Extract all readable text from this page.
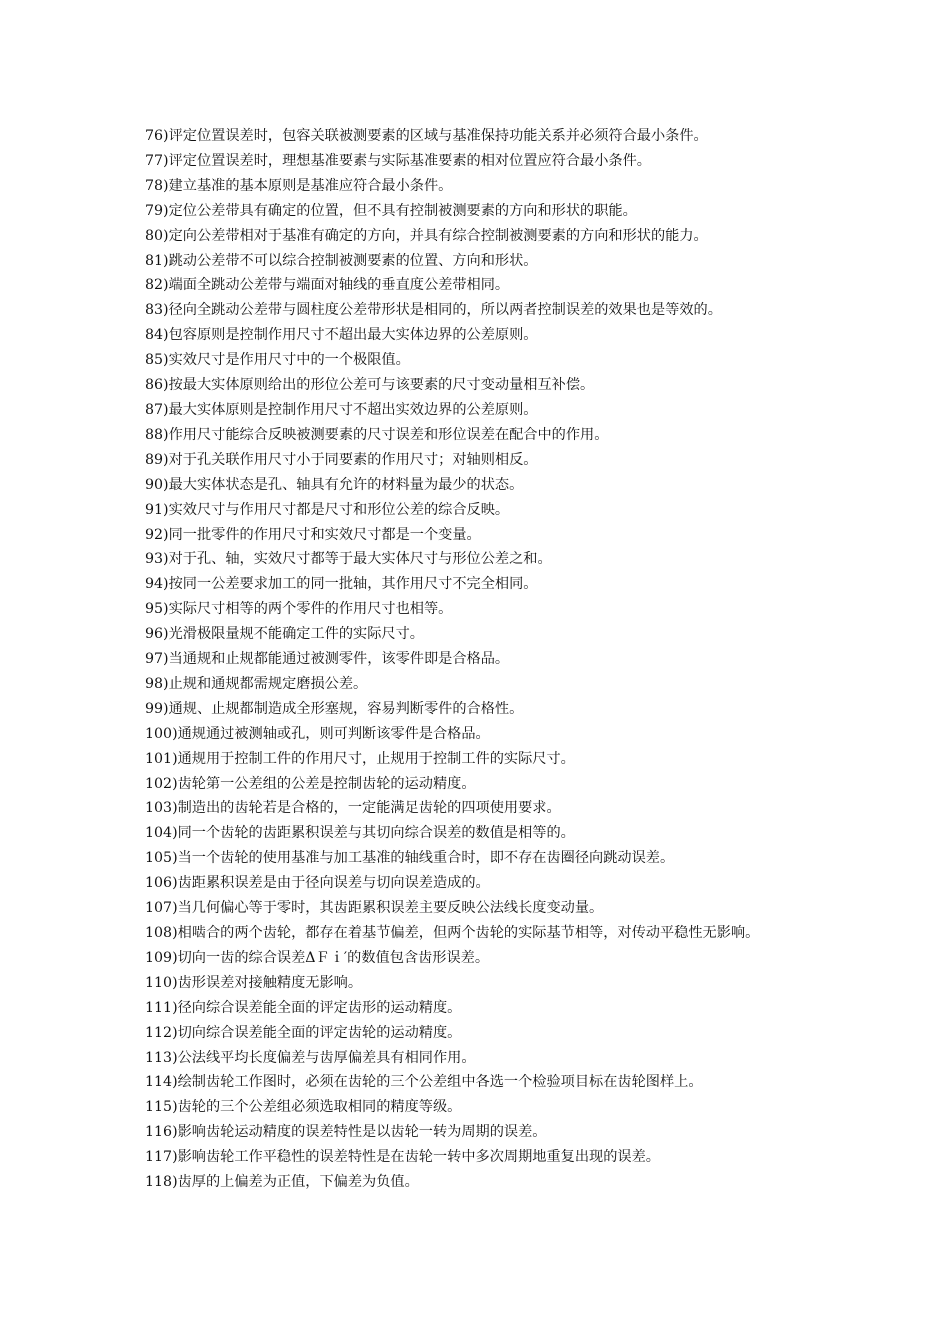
76)评定位置误差时，包容关联被测要素的区域与基准保持功能关系并必须符合最小条件。
77)评定位置误差时，理想基准要素与实际基准要素的相对位置应符合最小条件。
78)建立基准的基本原则是基准应符合最小条件。
79)定位公差带具有确定的位置，但不具有控制被测要素的方向和形状的职能。
80)定向公差带相对于基准有确定的方向，并具有综合控制被测要素的方向和形状的能力。
81)跳动公差带不可以综合控制被测要素的位置、方向和形状。
82)端面全跳动公差带与端面对轴线的垂直度公差带相同。
83)径向全跳动公差带与圆柱度公差带形状是相同的，所以两者控制误差的效果也是等效的。
84)包容原则是控制作用尺寸不超出最大实体边界的公差原则。
85)实效尺寸是作用尺寸中的一个极限值。
86)按最大实体原则给出的形位公差可与该要素的尺寸变动量相互补偿。
87)最大实体原则是控制作用尺寸不超出实效边界的公差原则。
88)作用尺寸能综合反映被测要素的尺寸误差和形位误差在配合中的作用。
89)对于孔关联作用尺寸小于同要素的作用尺寸；对轴则相反。
90)最大实体状态是孔、轴具有允许的材料量为最少的状态。
91)实效尺寸与作用尺寸都是尺寸和形位公差的综合反映。
92)同一批零件的作用尺寸和实效尺寸都是一个变量。
93)对于孔、轴，实效尺寸都等于最大实体尺寸与形位公差之和。
94)按同一公差要求加工的同一批轴，其作用尺寸不完全相同。
95)实际尺寸相等的两个零件的作用尺寸也相等。
96)光滑极限量规不能确定工件的实际尺寸。
97)当通规和止规都能通过被测零件，该零件即是合格品。
98)止规和通规都需规定磨损公差。
99)通规、止规都制造成全形塞规，容易判断零件的合格性。
100)通规通过被测轴或孔，则可判断该零件是合格品。
101)通规用于控制工件的作用尺寸，止规用于控制工件的实际尺寸。
102)齿轮第一公差组的公差是控制齿轮的运动精度。
103)制造出的齿轮若是合格的，一定能满足齿轮的四项使用要求。
104)同一个齿轮的齿距累积误差与其切向综合误差的数值是相等的。
105)当一个齿轮的使用基准与加工基准的轴线重合时，即不存在齿圈径向跳动误差。
106)齿距累积误差是由于径向误差与切向误差造成的。
107)当几何偏心等于零时，其齿距累积误差主要反映公法线长度变动量。
108)相啮合的两个齿轮，都存在着基节偏差，但两个齿轮的实际基节相等，对传动平稳性无影响。
109)切向一齿的综合误差ΔＦｉ′的数值包含齿形误差。
110)齿形误差对接触精度无影响。
111)径向综合误差能全面的评定齿形的运动精度。
112)切向综合误差能全面的评定齿轮的运动精度。
113)公法线平均长度偏差与齿厚偏差具有相同作用。
114)绘制齿轮工作图时，必须在齿轮的三个公差组中各选一个检验项目标在齿轮图样上。
115)齿轮的三个公差组必须选取相同的精度等级。
116)影响齿轮运动精度的误差特性是以齿轮一转为周期的误差。
117)影响齿轮工作平稳性的误差特性是在齿轮一转中多次周期地重复出现的误差。
118)齿厚的上偏差为正值，下偏差为负值。
